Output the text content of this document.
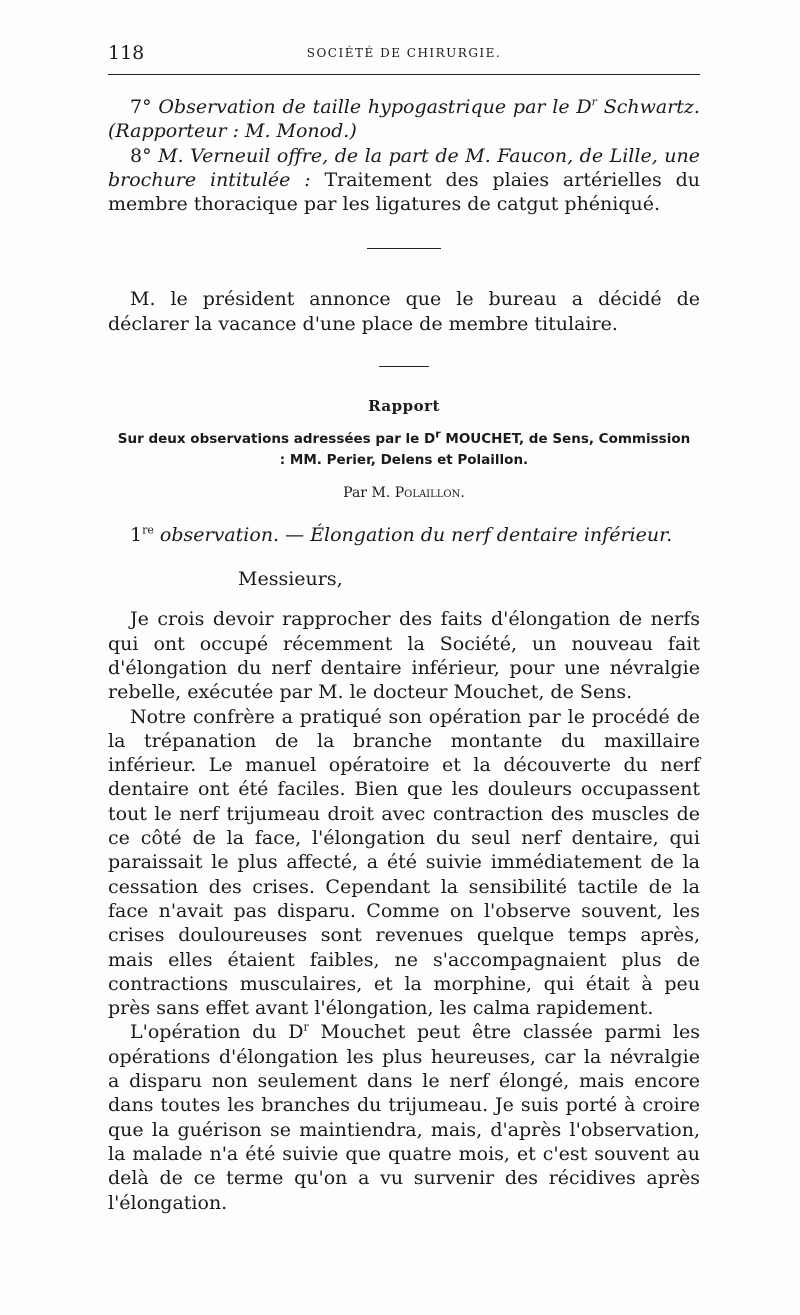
118	SOCIÉTÉ DE CHIRURGIE.

7° Observation de taille hypogastrique par le $D^r$ Schwartz. (Rapporteur : M. Monod.)

8° M. Verneuil offre, de la part de M. Faucon, de Lille, une brochure intitulée : Traitement des plaies artérielles du membre thoracique par les ligatures de catgut phéniqué.

M. le président annonce que le bureau a décidé de déclarer la vacance d'une place de membre titulaire.

Rapport
Sur deux observations adressées par le $D^r$ MOUCHET, de Sens, Commission : MM. Perier, Delens et Polaillon.
Par M. Polaillon.
1re observation. — Élongation du nerf dentaire inférieur.
Messieurs,

Je crois devoir rapprocher des faits d'élongation de nerfs qui ont occupé récemment la Société, un nouveau fait d'élongation du nerf dentaire inférieur, pour une névralgie rebelle, exécutée par M. le docteur Mouchet, de Sens.

Notre confrère a pratiqué son opération par le procédé de la trépanation de la branche montante du maxillaire inférieur. Le manuel opératoire et la découverte du nerf dentaire ont été faciles. Bien que les douleurs occupassent tout le nerf trijumeau droit avec contraction des muscles de ce côté de la face, l'élongation du seul nerf dentaire, qui paraissait le plus affecté, a été suivie immédiatement de la cessation des crises. Cependant la sensibilité tactile de la face n'avait pas disparu. Comme on l'observe souvent, les crises douloureuses sont revenues quelque temps après, mais elles étaient faibles, ne s'accompagnaient plus de contractions musculaires, et la morphine, qui était à peu près sans effet avant l'élongation, les calma rapidement.

L'opération du $D^r$ Mouchet peut être classée parmi les opérations d'élongation les plus heureuses, car la névralgie a disparu non seulement dans le nerf élongé, mais encore dans toutes les branches du trijumeau. Je suis porté à croire que la guérison se maintiendra, mais, d'après l'observation, la malade n'a été suivie que quatre mois, et c'est souvent au delà de ce terme qu'on a vu survenir des récidives après l'élongation.
